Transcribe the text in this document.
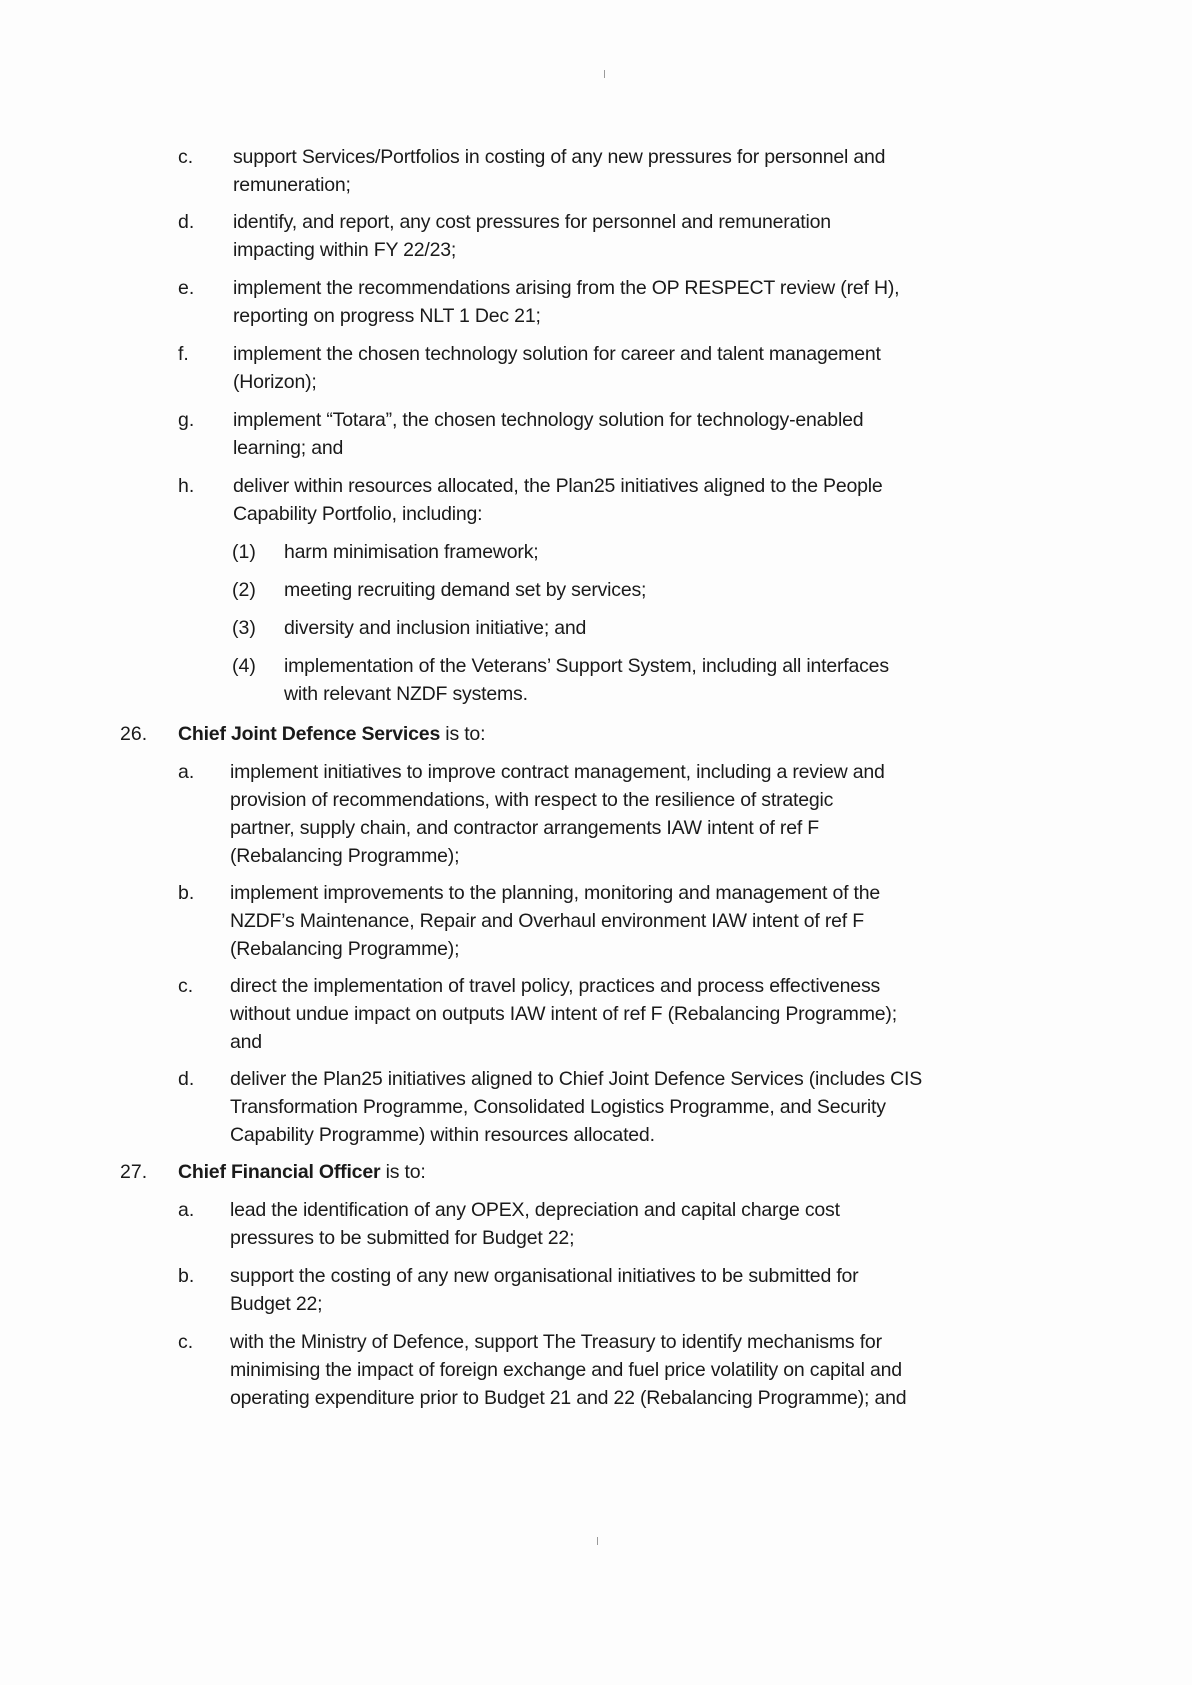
c. support Services/Portfolios in costing of any new pressures for personnel and
remuneration;
d. identify, and report, any cost pressures for personnel and remuneration
impacting within FY 22/23;
e. implement the recommendations arising from the OP RESPECT review (ref H),
reporting on progress NLT 1 Dec 21;
f. implement the chosen technology solution for career and talent management
(Horizon);
g. implement “Totara”, the chosen technology solution for technology-enabled
learning; and
h. deliver within resources allocated, the Plan25 initiatives aligned to the People
Capability Portfolio, including:
(1) harm minimisation framework;
(2) meeting recruiting demand set by services;
(3) diversity and inclusion initiative; and
(4) implementation of the Veterans’ Support System, including all interfaces
with relevant NZDF systems.
26. Chief Joint Defence Services is to:
a. implement initiatives to improve contract management, including a review and
provision of recommendations, with respect to the resilience of strategic
partner, supply chain, and contractor arrangements IAW intent of ref F
(Rebalancing Programme);
b. implement improvements to the planning, monitoring and management of the
NZDF’s Maintenance, Repair and Overhaul environment IAW intent of ref F
(Rebalancing Programme);
c. direct the implementation of travel policy, practices and process effectiveness
without undue impact on outputs IAW intent of ref F (Rebalancing Programme);
and
d. deliver the Plan25 initiatives aligned to Chief Joint Defence Services (includes CIS
Transformation Programme, Consolidated Logistics Programme, and Security
Capability Programme) within resources allocated.
27. Chief Financial Officer is to:
a. lead the identification of any OPEX, depreciation and capital charge cost
pressures to be submitted for Budget 22;
b. support the costing of any new organisational initiatives to be submitted for
Budget 22;
c. with the Ministry of Defence, support The Treasury to identify mechanisms for
minimising the impact of foreign exchange and fuel price volatility on capital and
operating expenditure prior to Budget 21 and 22 (Rebalancing Programme); and
